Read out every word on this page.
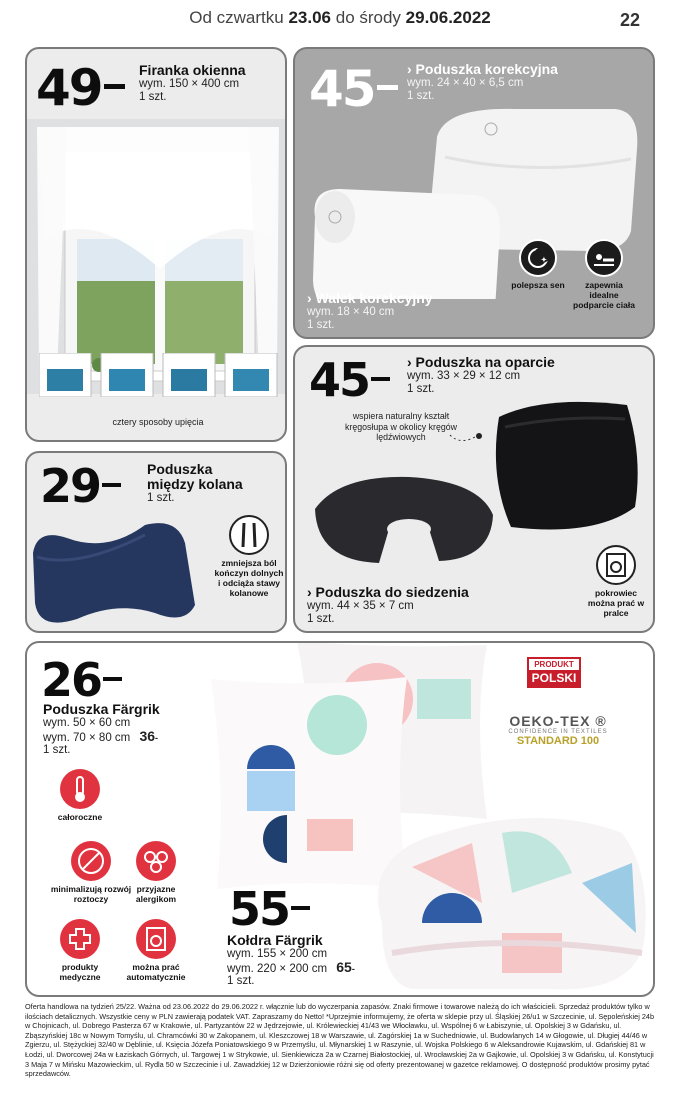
Od czwartku 23.06 do środy 29.06.2022	22
49	Firanka okienna
wym. 150 × 400 cm
1 szt.
cztery sposoby upięcia
45	› Poduszka korekcyjna
wym. 24 × 40 × 6,5 cm
1 szt.
› Wałek korekcyjny
wym. 18 × 40 cm
1 szt.
✦
polepsza sen	zapewnia idealne podparcie ciała
29	Poduszka
między kolana
1 szt.
zmniejsza ból kończyn dolnych i odciąża stawy kolanowe
45	› Poduszka na oparcie
wym. 33 × 29 × 12 cm
1 szt.
wspiera naturalny kształt kręgosłupa w okolicy kręgów lędźwiowych
› Poduszka do siedzenia
wym. 44 × 35 × 7 cm
1 szt.
pokrowiec można prać w pralce
26
Poduszka Färgrik
wym. 50 × 60 cm
wym. 70 × 80 cm 36-
1 szt.
całoroczne
minimalizują rozwój roztoczy
przyjazne alergikom
produkty medyczne
można prać automatycznie
55
Kołdra Färgrik
wym. 155 × 200 cm
wym. 220 × 200 cm 65-
1 szt.
PRODUKT
POLSKI
OEKO-TEX ®
CONFIDENCE IN TEXTILES
STANDARD 100
Oferta handlowa na tydzień 25/22. Ważna od 23.06.2022 do 29.06.2022 r. włącznie lub do wyczerpania zapasów. Znaki firmowe i towarowe należą do ich właścicieli. Sprzedaż produktów tylko w ilościach detalicznych. Wszystkie ceny w PLN zawierają podatek VAT. Zapraszamy do Netto! *Uprzejmie informujemy, że oferta w sklepie przy ul. Śląskiej 26/u1 w Szczecinie, ul. Sępoleńskiej 24b w Chojnicach, ul. Dobrego Pasterza 67 w Krakowie, ul. Partyzantów 22 w Jędrzejowie, ul. Królewieckiej 41/43 we Włocławku, ul. Wspólnej 6 w Łabiszynie, ul. Opolskiej 3 w Gdańsku, ul. Zbąszyńskiej 18c w Nowym Tomyślu, ul. Chramcówki 30 w Zakopanem, ul. Kleszczowej 18 w Warszawie, ul. Zagórskiej 1a w Suchedniowie, ul. Budowlanych 14 w Głogowie, ul. Długiej 44/46 w Zgierzu, ul. Stężyckiej 32/40 w Dęblinie, ul. Księcia Józefa Poniatowskiego 9 w Przemyślu, ul. Młynarskiej 1 w Raszynie, ul. Wojska Polskiego 6 w Aleksandrowie Kujawskim, ul. Gdańskiej 81 w Łodzi, ul. Dworcowej 24a w Łaziskach Górnych, ul. Targowej 1 w Strykowie, ul. Sienkiewicza 2a w Czarnej Białostockiej, ul. Wrocławskiej 2a w Gajkowie, ul. Opolskiej 3 w Gdańsku, ul. Konstytucji 3 Maja 7 w Mińsku Mazowieckim, ul. Rydla 50 w Szczecinie i ul. Zawadzkiej 12 w Dzierżoniowie różni się od oferty prezentowanej w gazetce reklamowej. O dostępność produktów prosimy pytać sprzedawców.
